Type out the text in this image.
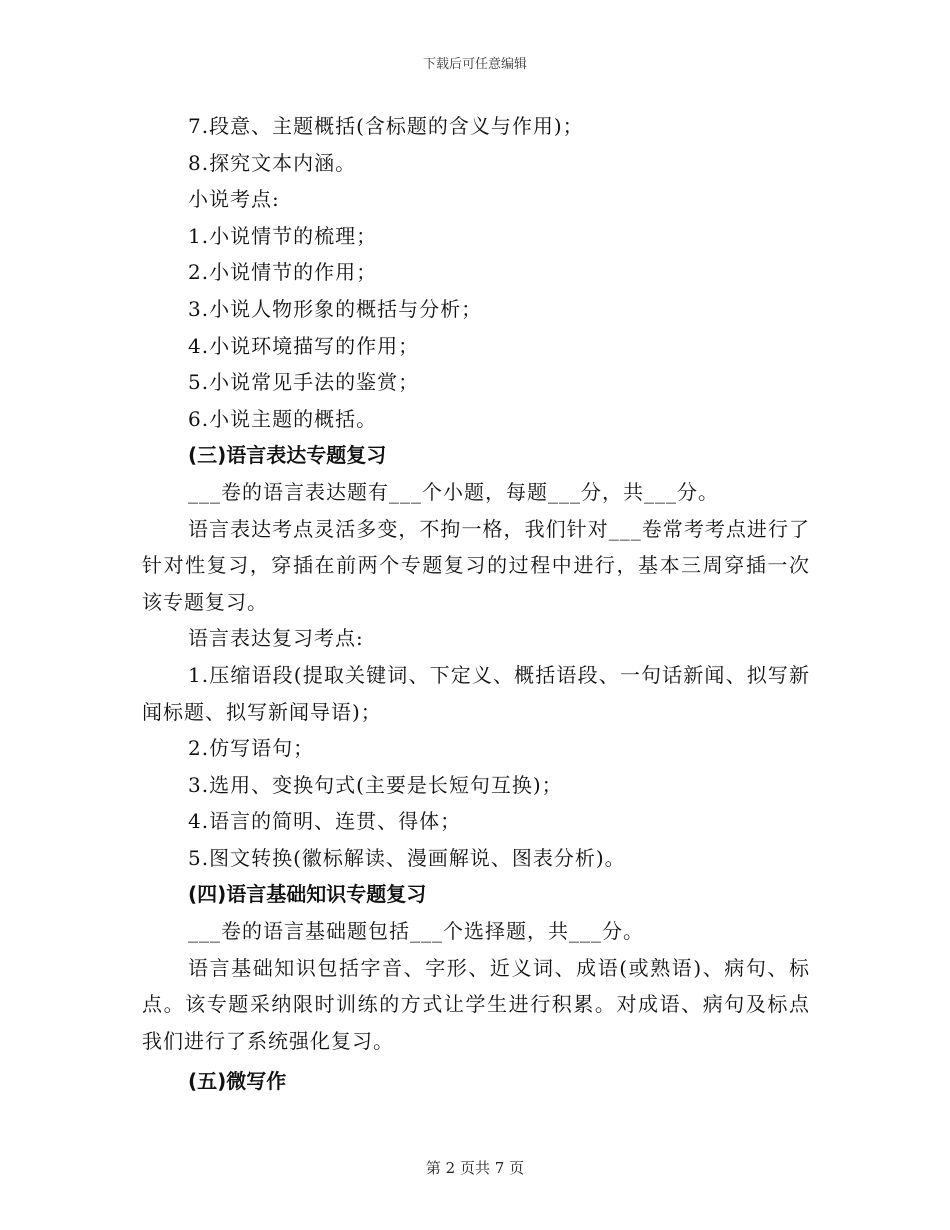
下载后可任意编辑

7.段意、主题概括(含标题的含义与作用)；

8.探究文本内涵。

小说考点:

1.小说情节的梳理；

2.小说情节的作用；

3.小说人物形象的概括与分析；

4.小说环境描写的作用；

5.小说常见手法的鉴赏；

6.小说主题的概括。

(三)语言表达专题复习

___卷的语言表达题有___个小题，每题___分，共___分。

语言表达考点灵活多变，不拘一格，我们针对___卷常考考点进行了针对性复习，穿插在前两个专题复习的过程中进行，基本三周穿插一次该专题复习。

语言表达复习考点:

1.压缩语段(提取关键词、下定义、概括语段、一句话新闻、拟写新闻标题、拟写新闻导语)；

2.仿写语句；

3.选用、变换句式(主要是长短句互换)；

4.语言的简明、连贯、得体；

5.图文转换(徽标解读、漫画解说、图表分析)。

(四)语言基础知识专题复习

___卷的语言基础题包括___个选择题，共___分。

语言基础知识包括字音、字形、近义词、成语(或熟语)、病句、标点。该专题采纳限时训练的方式让学生进行积累。对成语、病句及标点我们进行了系统强化复习。

(五)微写作

第 2 页共 7 页
